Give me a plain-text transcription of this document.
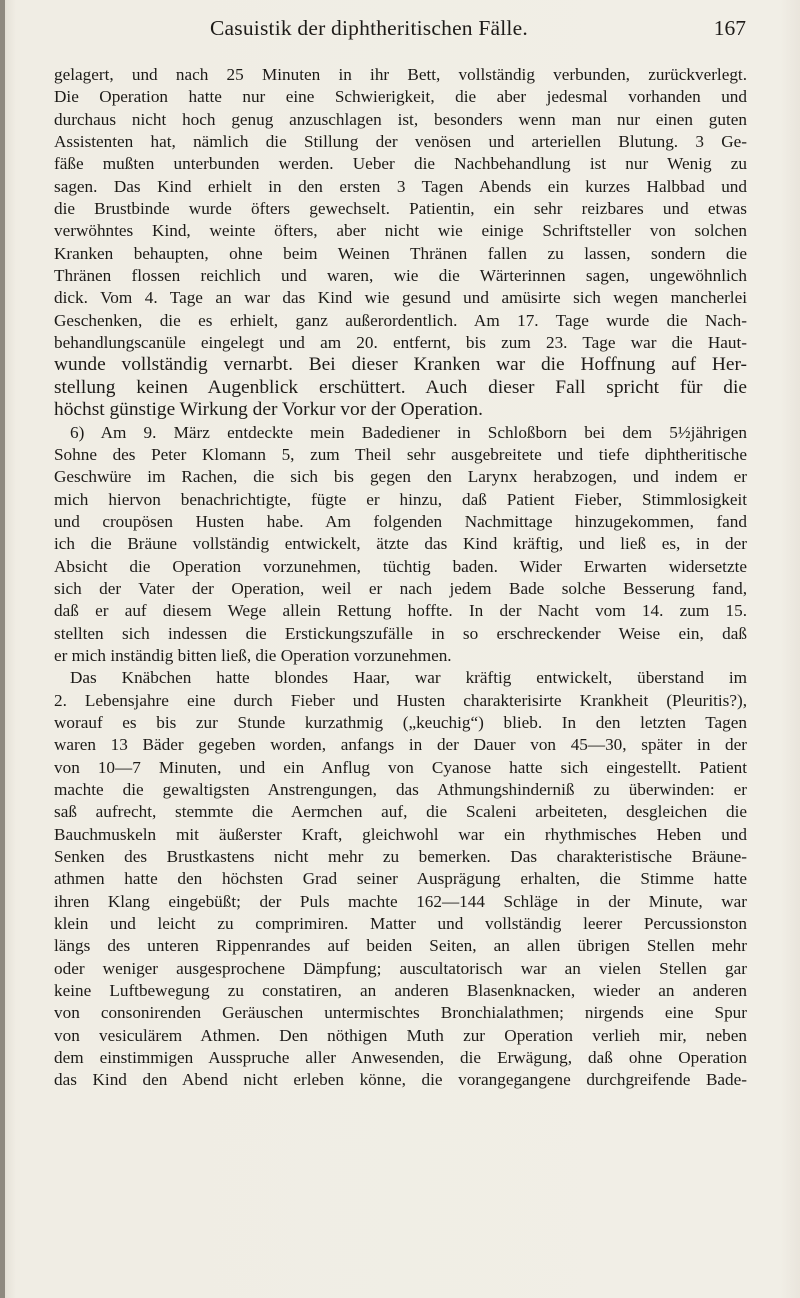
Casuistik der diphtheritischen Fälle.	167
gelagert, und nach 25 Minuten in ihr Bett, vollständig verbunden, zurückverlegt.
Die Operation hatte nur eine Schwierigkeit, die aber jedesmal vorhanden und
durchaus nicht hoch genug anzuschlagen ist, besonders wenn man nur einen guten
Assistenten hat, nämlich die Stillung der venösen und arteriellen Blutung. 3 Ge-
fäße mußten unterbunden werden. Ueber die Nachbehandlung ist nur Wenig zu
sagen. Das Kind erhielt in den ersten 3 Tagen Abends ein kurzes Halbbad und
die Brustbinde wurde öfters gewechselt. Patientin, ein sehr reizbares und etwas
verwöhntes Kind, weinte öfters, aber nicht wie einige Schriftsteller von solchen
Kranken behaupten, ohne beim Weinen Thränen fallen zu lassen, sondern die
Thränen flossen reichlich und waren, wie die Wärterinnen sagen, ungewöhnlich
dick. Vom 4. Tage an war das Kind wie gesund und amüsirte sich wegen mancherlei
Geschenken, die es erhielt, ganz außerordentlich. Am 17. Tage wurde die Nach-
behandlungscanüle eingelegt und am 20. entfernt, bis zum 23. Tage war die Haut-
wunde vollständig vernarbt. Bei dieser Kranken war die Hoffnung auf Her-
stellung keinen Augenblick erschüttert. Auch dieser Fall spricht für die
höchst günstige Wirkung der Vorkur vor der Operation.
6) Am 9. März entdeckte mein Badediener in Schloßborn bei dem 5½jährigen
Sohne des Peter Klomann 5, zum Theil sehr ausgebreitete und tiefe diphtheritische
Geschwüre im Rachen, die sich bis gegen den Larynx herabzogen, und indem er
mich hiervon benachrichtigte, fügte er hinzu, daß Patient Fieber, Stimmlosigkeit
und croupösen Husten habe. Am folgenden Nachmittage hinzugekommen, fand
ich die Bräune vollständig entwickelt, ätzte das Kind kräftig, und ließ es, in der
Absicht die Operation vorzunehmen, tüchtig baden. Wider Erwarten widersetzte
sich der Vater der Operation, weil er nach jedem Bade solche Besserung fand,
daß er auf diesem Wege allein Rettung hoffte. In der Nacht vom 14. zum 15.
stellten sich indessen die Erstickungszufälle in so erschreckender Weise ein, daß
er mich inständig bitten ließ, die Operation vorzunehmen.
Das Knäbchen hatte blondes Haar, war kräftig entwickelt, überstand im
2. Lebensjahre eine durch Fieber und Husten charakterisirte Krankheit (Pleuritis?),
worauf es bis zur Stunde kurzathmig („keuchig“) blieb. In den letzten Tagen
waren 13 Bäder gegeben worden, anfangs in der Dauer von 45—30, später in der
von 10—7 Minuten, und ein Anflug von Cyanose hatte sich eingestellt. Patient
machte die gewaltigsten Anstrengungen, das Athmungshinderniß zu überwinden: er
saß aufrecht, stemmte die Aermchen auf, die Scaleni arbeiteten, desgleichen die
Bauchmuskeln mit äußerster Kraft, gleichwohl war ein rhythmisches Heben und
Senken des Brustkastens nicht mehr zu bemerken. Das charakteristische Bräune-
athmen hatte den höchsten Grad seiner Ausprägung erhalten, die Stimme hatte
ihren Klang eingebüßt; der Puls machte 162—144 Schläge in der Minute, war
klein und leicht zu comprimiren. Matter und vollständig leerer Percussionston
längs des unteren Rippenrandes auf beiden Seiten, an allen übrigen Stellen mehr
oder weniger ausgesprochene Dämpfung; auscultatorisch war an vielen Stellen gar
keine Luftbewegung zu constatiren, an anderen Blasenknacken, wieder an anderen
von consonirenden Geräuschen untermischtes Bronchialathmen; nirgends eine Spur
von vesiculärem Athmen. Den nöthigen Muth zur Operation verlieh mir, neben
dem einstimmigen Ausspruche aller Anwesenden, die Erwägung, daß ohne Operation
das Kind den Abend nicht erleben könne, die vorangegangene durchgreifende Bade-
